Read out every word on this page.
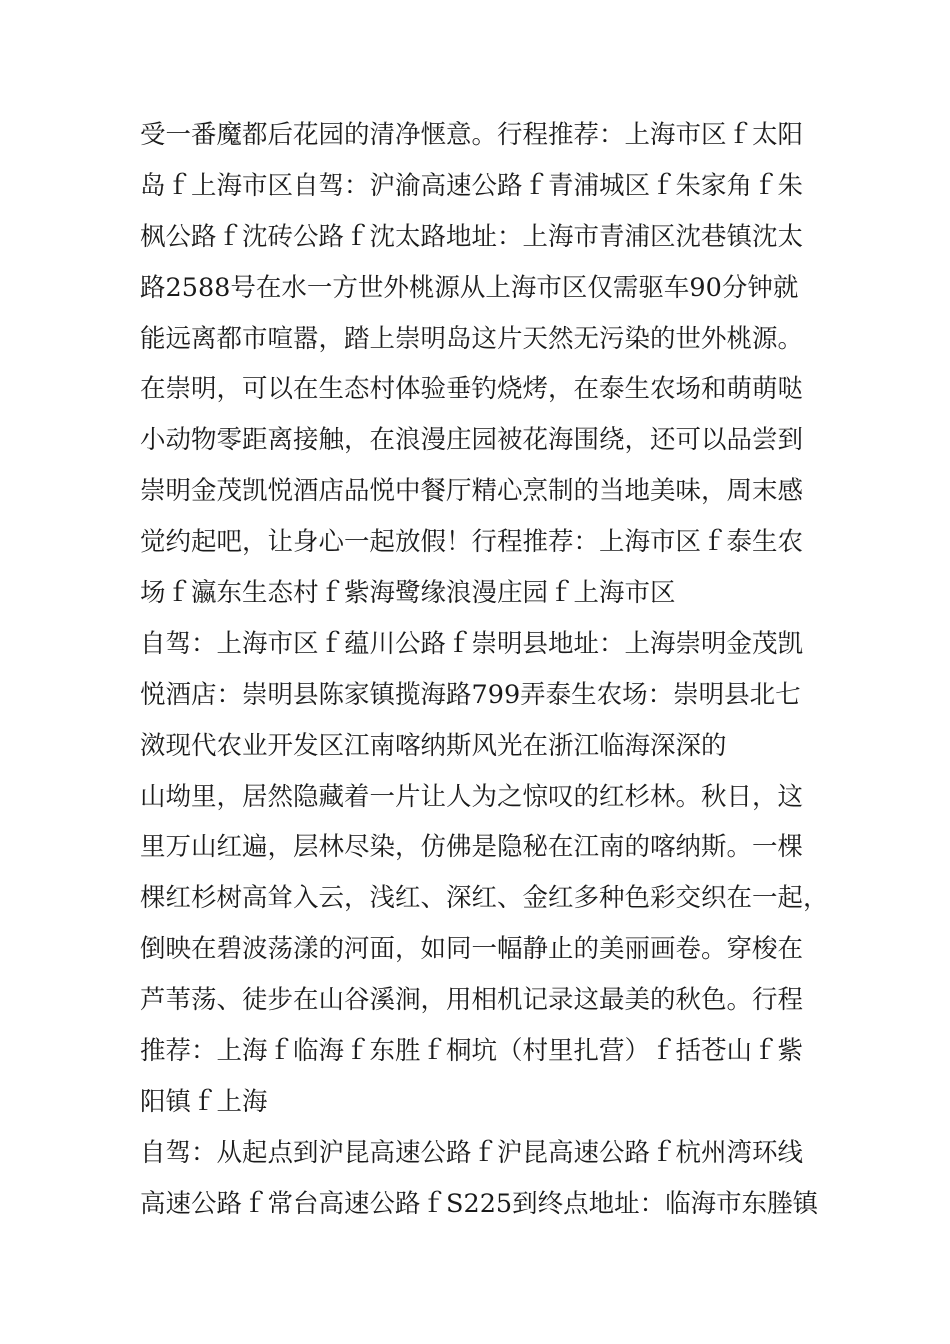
受一番魔都后花园的清净惬意。行程推荐：上海市区ｆ太阳
岛ｆ上海市区自驾：沪渝高速公路ｆ青浦城区ｆ朱家角ｆ朱
枫公路ｆ沈砖公路ｆ沈太路地址：上海市青浦区沈巷镇沈太
路2588号在水一方世外桃源从上海市区仅需驱车90分钟就
能远离都市喧嚣，踏上崇明岛这片天然无污染的世外桃源。
在崇明，可以在生态村体验垂钓烧烤，在泰生农场和萌萌哒
小动物零距离接触，在浪漫庄园被花海围绕，还可以品尝到
崇明金茂凯悦酒店品悦中餐厅精心烹制的当地美味，周末感
觉约起吧，让身心一起放假！行程推荐：上海市区ｆ泰生农
场ｆ瀛东生态村ｆ紫海鹭缘浪漫庄园ｆ上海市区
自驾：上海市区ｆ蕴川公路ｆ崇明县地址：上海崇明金茂凯
悦酒店：崇明县陈家镇揽海路799弄泰生农场：崇明县北七
滧现代农业开发区江南喀纳斯风光在浙江临海深深的
山坳里，居然隐藏着一片让人为之惊叹的红杉林。秋日，这
里万山红遍，层林尽染，仿佛是隐秘在江南的喀纳斯。一棵
棵红杉树高耸入云，浅红、深红、金红多种色彩交织在一起，
倒映在碧波荡漾的河面，如同一幅静止的美丽画卷。穿梭在
芦苇荡、徒步在山谷溪涧，用相机记录这最美的秋色。行程
推荐：上海ｆ临海ｆ东胜ｆ桐坑（村里扎营）ｆ括苍山ｆ紫
阳镇ｆ上海
自驾：从起点到沪昆高速公路ｆ沪昆高速公路ｆ杭州湾环线
高速公路ｆ常台高速公路ｆS225到终点地址：临海市东塍镇
